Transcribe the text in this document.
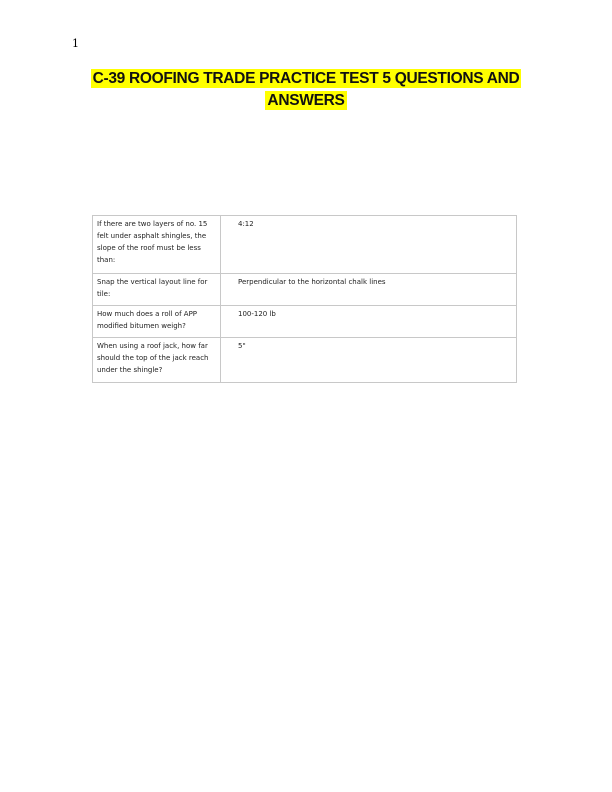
1
C-39 ROOFING TRADE PRACTICE TEST 5 QUESTIONS AND
ANSWERS
If there are two layers of no. 15 felt under asphalt shingles, the slope of the roof must be less than:	4:12
Snap the vertical layout line for tile:	Perpendicular to the horizontal chalk lines
How much does a roll of APP modified bitumen weigh?	100-120 lb
When using a roof jack, how far should the top of the jack reach under the shingle?	5"
